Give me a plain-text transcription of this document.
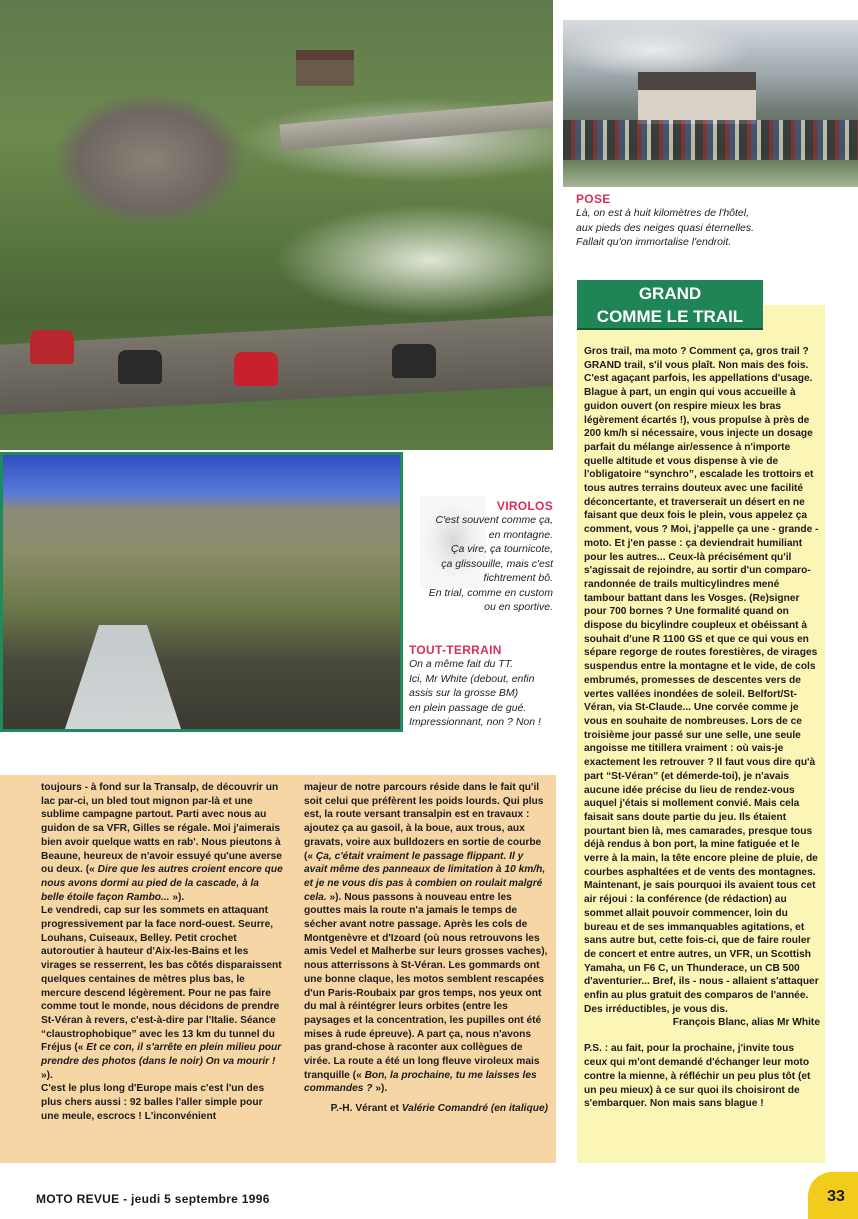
POSE
Là, on est à huit kilomètres de l'hôtel,
aux pieds des neiges quasi éternelles.
Fallait qu'on immortalise l'endroit.
VIROLOS
C'est souvent comme ça,
en montagne.
Ça vire, ça tournicote,
ça glissouille, mais c'est
fichtrement bô.
En trial, comme en custom
ou en sportive.
TOUT-TERRAIN
On a même fait du TT.
Ici, Mr White (debout, enfin
assis sur la grosse BM)
en plein passage de gué.
Impressionnant, non ? Non !
GRAND
COMME LE TRAIL

Gros trail, ma moto ? Comment ça, gros trail ? GRAND trail, s'il vous plaît. Non mais des fois. C'est agaçant parfois, les appellations d'usage. Blague à part, un engin qui vous accueille à guidon ouvert (on respire mieux les bras légèrement écartés !), vous propulse à près de 200 km/h si nécessaire, vous injecte un dosage parfait du mélange air/essence à n'importe quelle altitude et vous dispense à vie de l'obligatoire “synchro”, escalade les trottoirs et tous autres terrains douteux avec une facilité déconcertante, et traverserait un désert en ne faisant que deux fois le plein, vous appelez ça comment, vous ? Moi, j'appelle ça une - grande - moto. Et j'en passe : ça deviendrait humiliant pour les autres... Ceux-là précisément qu'il s'agissait de rejoindre, au sortir d'un comparo-randonnée de trails multicylindres mené tambour battant dans les Vosges. (Re)signer pour 700 bornes ? Une formalité quand on dispose du bicylindre coupleux et obéissant à souhait d'une R 1100 GS et que ce qui vous en sépare regorge de routes forestières, de virages suspendus entre la montagne et le vide, de cols embrumés, promesses de descentes vers de vertes vallées inondées de soleil. Belfort/St-Véran, via St-Claude... Une corvée comme je vous en souhaite de nombreuses. Lors de ce troisième jour passé sur une selle, une seule angoisse me titillera vraiment : où vais-je exactement les retrouver ? Il faut vous dire qu'à part “St-Véran” (et démerde-toi), je n'avais aucune idée précise du lieu de rendez-vous auquel j'étais si mollement convié. Mais cela faisait sans doute partie du jeu. Ils étaient pourtant bien là, mes camarades, presque tous déjà rendus à bon port, la mine fatiguée et le verre à la main, la tête encore pleine de pluie, de courbes asphaltées et de vents des montagnes. Maintenant, je sais pourquoi ils avaient tous cet air réjoui : la conférence (de rédaction) au sommet allait pouvoir commencer, loin du bureau et de ses immanquables agitations, et sans autre but, cette fois-ci, que de faire rouler de concert et entre autres, un VFR, un Scottish Yamaha, un F6 C, un Thunderace, un CB 500 d'aventurier... Bref, ils - nous - allaient s'attaquer enfin au plus gratuit des comparos de l'année.

Des irréductibles, je vous dis.

François Blanc, alias Mr White

P.S. : au fait, pour la prochaine, j'invite tous ceux qui m'ont demandé d'échanger leur moto contre la mienne, à réfléchir un peu plus tôt (et un peu mieux) à ce sur quoi ils choisiront de s'embarquer. Non mais sans blague !

toujours - à fond sur la Transalp, de découvrir un lac par-ci, un bled tout mignon par-là et une sublime campagne partout. Parti avec nous au guidon de sa VFR, Gilles se régale. Moi j'aimerais bien avoir quelque watts en rab'. Nous pieutons à Beaune, heureux de n'avoir essuyé qu'une averse ou deux. (« Dire que les autres croient encore que nous avons dormi au pied de la cascade, à la belle étoile façon Rambo... »).

Le vendredi, cap sur les sommets en attaquant progressivement par la face nord-ouest. Seurre, Louhans, Cuiseaux, Belley. Petit crochet autoroutier à hauteur d'Aix-les-Bains et les virages se resserrent, les bas côtés disparaissent quelques centaines de mètres plus bas, le mercure descend légèrement. Pour ne pas faire comme tout le monde, nous décidons de prendre St-Véran à revers, c'est-à-dire par l'Italie. Séance “claustrophobique” avec les 13 km du tunnel du Fréjus (« Et ce con, il s'arrête en plein milieu pour prendre des photos (dans le noir) On va mourir ! »).

C'est le plus long d'Europe mais c'est l'un des plus chers aussi : 92 balles l'aller simple pour une meule, escrocs ! L'inconvénient

majeur de notre parcours réside dans le fait qu'il soit celui que préfèrent les poids lourds. Qui plus est, la route versant transalpin est en travaux : ajoutez ça au gasoil, à la boue, aux trous, aux gravats, voire aux bulldozers en sortie de courbe (« Ça, c'était vraiment le passage flippant. Il y avait même des panneaux de limitation à 10 km/h, et je ne vous dis pas à combien on roulait malgré cela. »). Nous passons à nouveau entre les gouttes mais la route n'a jamais le temps de sécher avant notre passage. Après les cols de Montgenèvre et d'Izoard (où nous retrouvons les amis Vedel et Malherbe sur leurs grosses vaches), nous atterrissons à St-Véran. Les gommards ont une bonne claque, les motos semblent rescapées d'un Paris-Roubaix par gros temps, nos yeux ont du mal à réintégrer leurs orbites (entre les paysages et la concentration, les pupilles ont été mises à rude épreuve). A part ça, nous n'avons pas grand-chose à raconter aux collègues de virée. La route a été un long fleuve viroleux mais tranquille (« Bon, la prochaine, tu me laisses les commandes ? »).

P.-H. Vérant et Valérie Comandré (en italique)

MOTO REVUE - jeudi 5 septembre 1996	33
